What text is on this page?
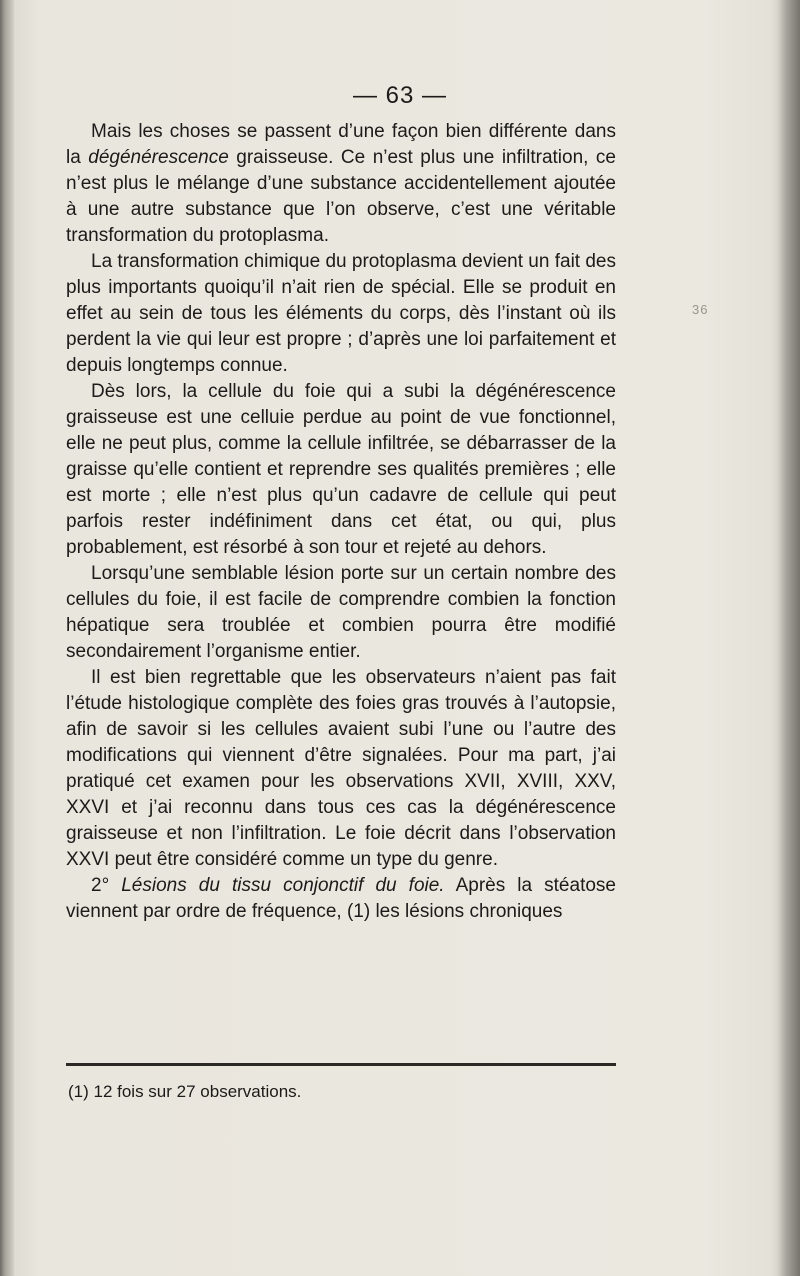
36
— 63 —

Mais les choses se passent d’une façon bien différente dans la dégénérescence graisseuse. Ce n’est plus une infiltration, ce n’est plus le mélange d’une substance accidentellement ajoutée à une autre substance que l’on observe, c’est une véritable transformation du protoplasma.

La transformation chimique du protoplasma devient un fait des plus importants quoiqu’il n’ait rien de spécial. Elle se produit en effet au sein de tous les éléments du corps, dès l’instant où ils perdent la vie qui leur est propre ; d’après une loi parfaitement et depuis longtemps connue.

Dès lors, la cellule du foie qui a subi la dégénérescence graisseuse est une celluie perdue au point de vue fonctionnel, elle ne peut plus, comme la cellule infiltrée, se débarrasser de la graisse qu’elle contient et reprendre ses qualités premières ; elle est morte ; elle n’est plus qu’un cadavre de cellule qui peut parfois rester indéfiniment dans cet état, ou qui, plus probablement, est résorbé à son tour et rejeté au dehors.

Lorsqu’une semblable lésion porte sur un certain nombre des cellules du foie, il est facile de comprendre combien la fonction hépatique sera troublée et combien pourra être modifié secondairement l’organisme entier.

Il est bien regrettable que les observateurs n’aient pas fait l’étude histologique complète des foies gras trouvés à l’autopsie, afin de savoir si les cellules avaient subi l’une ou l’autre des modifications qui viennent d’être signalées. Pour ma part, j’ai pratiqué cet examen pour les observations XVII, XVIII, XXV, XXVI et j’ai reconnu dans tous ces cas la dégénérescence graisseuse et non l’infiltration. Le foie décrit dans l’observation XXVI peut être considéré comme un type du genre.

2° Lésions du tissu conjonctif du foie. Après la stéatose viennent par ordre de fréquence, (1) les lésions chroniques

(1) 12 fois sur 27 observations.
